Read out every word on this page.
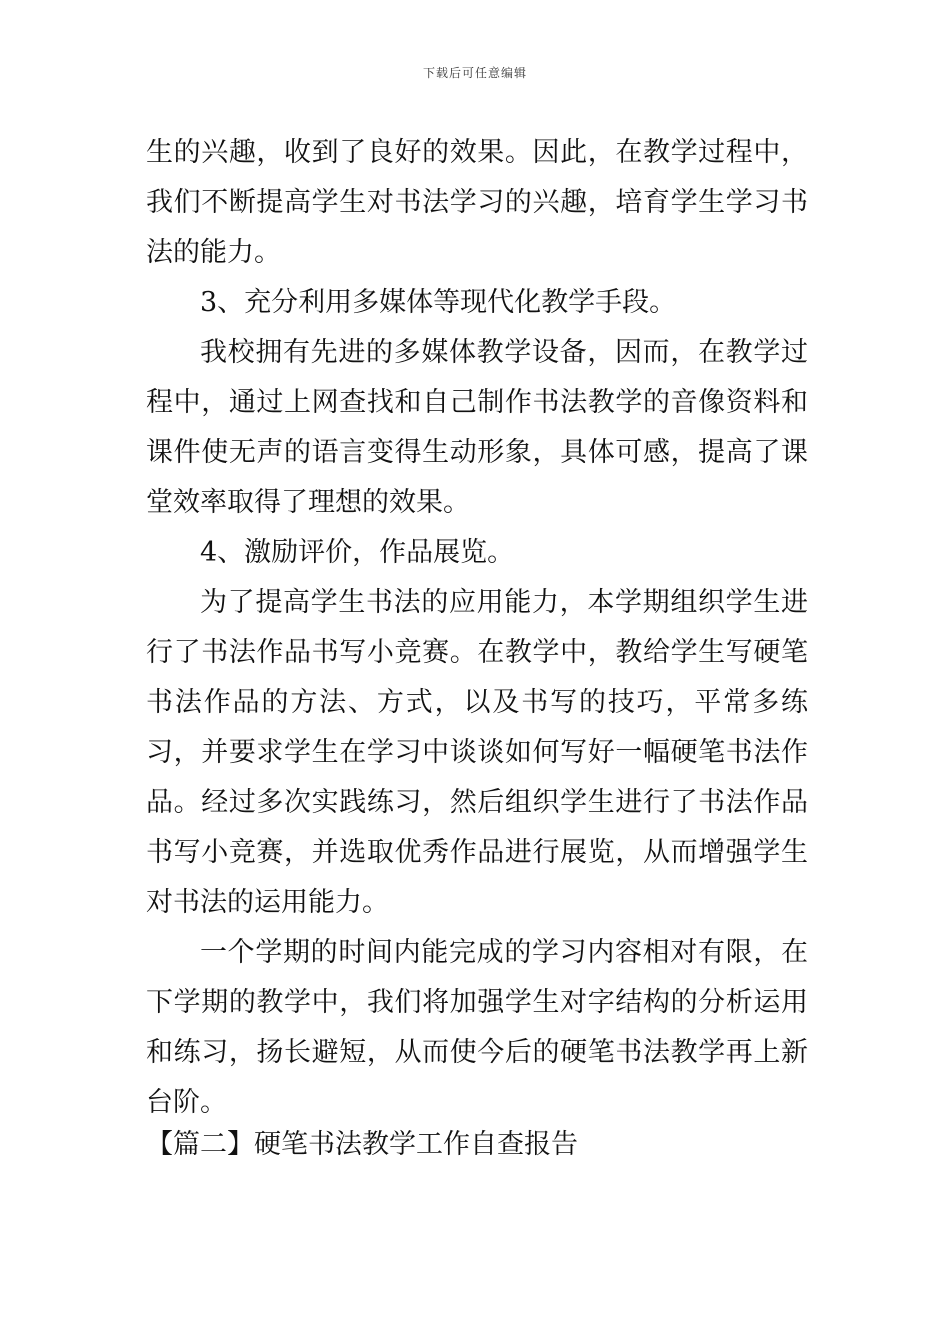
下载后可任意编辑

生的兴趣，收到了良好的效果。因此，在教学过程中，我们不断提高学生对书法学习的兴趣，培育学生学习书法的能力。

3、充分利用多媒体等现代化教学手段。

我校拥有先进的多媒体教学设备，因而，在教学过程中，通过上网查找和自己制作书法教学的音像资料和课件使无声的语言变得生动形象，具体可感，提高了课堂效率取得了理想的效果。

4、激励评价，作品展览。

为了提高学生书法的应用能力，本学期组织学生进行了书法作品书写小竞赛。在教学中，教给学生写硬笔书法作品的方法、方式，以及书写的技巧，平常多练习，并要求学生在学习中谈谈如何写好一幅硬笔书法作品。经过多次实践练习，然后组织学生进行了书法作品书写小竞赛，并选取优秀作品进行展览，从而增强学生对书法的运用能力。

一个学期的时间内能完成的学习内容相对有限，在下学期的教学中，我们将加强学生对字结构的分析运用和练习，扬长避短，从而使今后的硬笔书法教学再上新台阶。

【篇二】硬笔书法教学工作自查报告
